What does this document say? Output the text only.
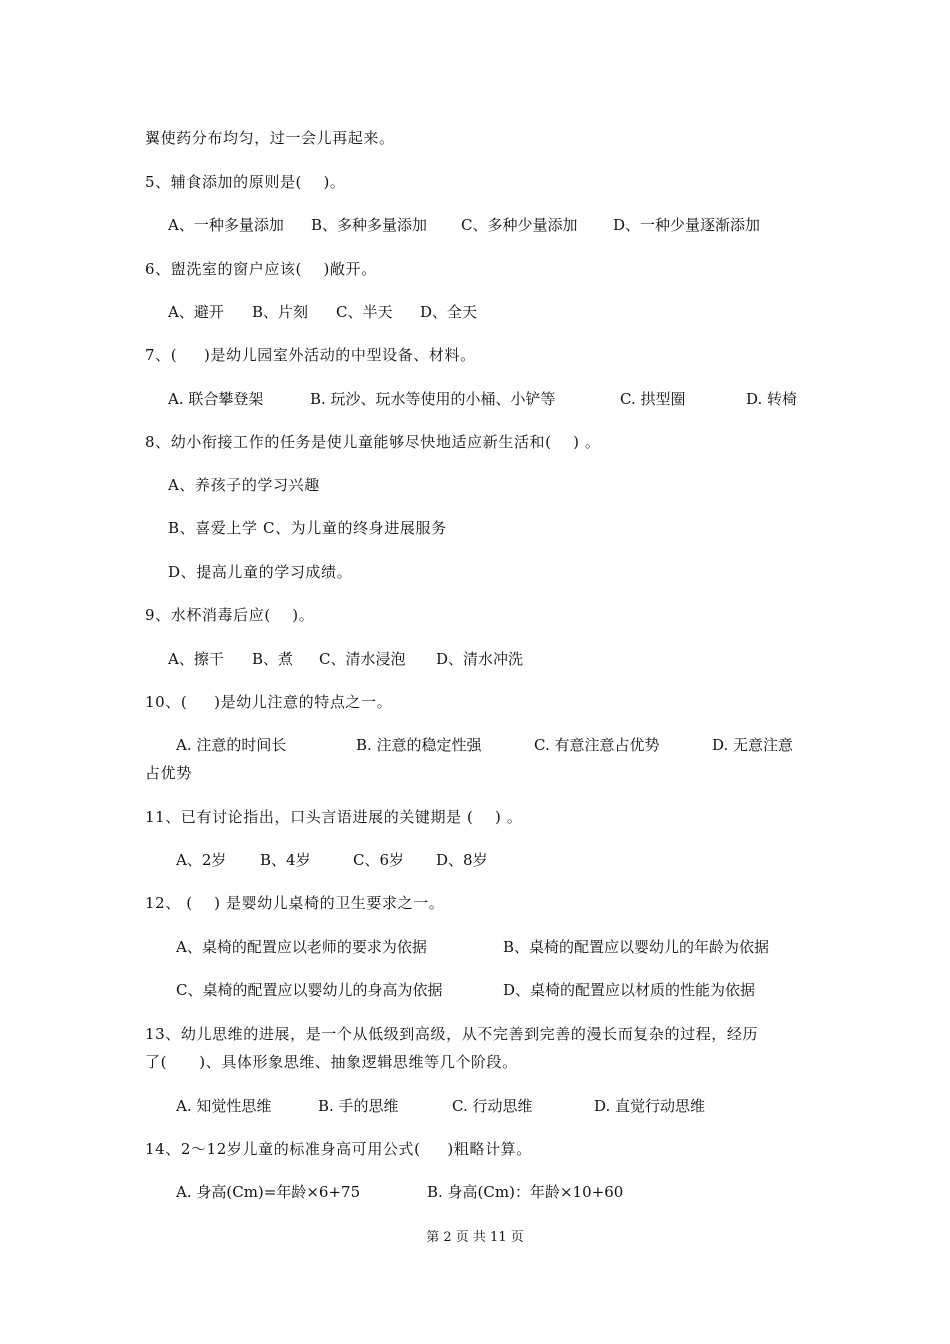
翼使药分布均匀，过一会儿再起来。
5、辅食添加的原则是(    )。

A、一种多量添加

B、多种多量添加

C、多种少量添加

D、一种少量逐渐添加

6、盥洗室的窗户应该(    )敞开。

A、避开

B、片刻

C、半天

D、全天

7、(     )是幼儿园室外活动的中型设备、材料。

A. 联合攀登架

	B. 玩沙、玩水等使用的小桶、小铲等

	C. 拱型圈

	D. 转椅

8、幼小衔接工作的任务是使儿童能够尽快地适应新生活和(    ) 。
A、养孩子的学习兴趣
B、喜爱上学 C、为儿童的终身进展服务
D、提高儿童的学习成绩。
9、水杯消毒后应(    )。

A、擦干

B、煮

C、清水浸泡

D、清水冲洗

10、(     )是幼儿注意的特点之一。

A. 注意的时间长

	B. 注意的稳定性强

	C. 有意注意占优势

	D. 无意注意

占优势
11、已有讨论指出，口头言语进展的关键期是 (    ) 。

A、2岁

B、4岁

	C、6岁

D、8岁

12、 (    ) 是婴幼儿桌椅的卫生要求之一。

A、桌椅的配置应以老师的要求为依据

	B、桌椅的配置应以婴幼儿的年龄为依据

C、桌椅的配置应以婴幼儿的身高为依据

	D、桌椅的配置应以材质的性能为依据

13、幼儿思维的进展，是一个从低级到高级，从不完善到完善的漫长而复杂的过程，经历
了(      )、具体形象思维、抽象逻辑思维等几个阶段。

A. 知觉性思维

	B. 手的思维

	C. 行动思维

	D. 直觉行动思维

14、2～12岁儿童的标准身高可用公式(     )粗略计算。

A. 身高(Cm)=年龄×6+75

	B. 身高(Cm)：年龄×10+60

第 2 页 共 11 页
